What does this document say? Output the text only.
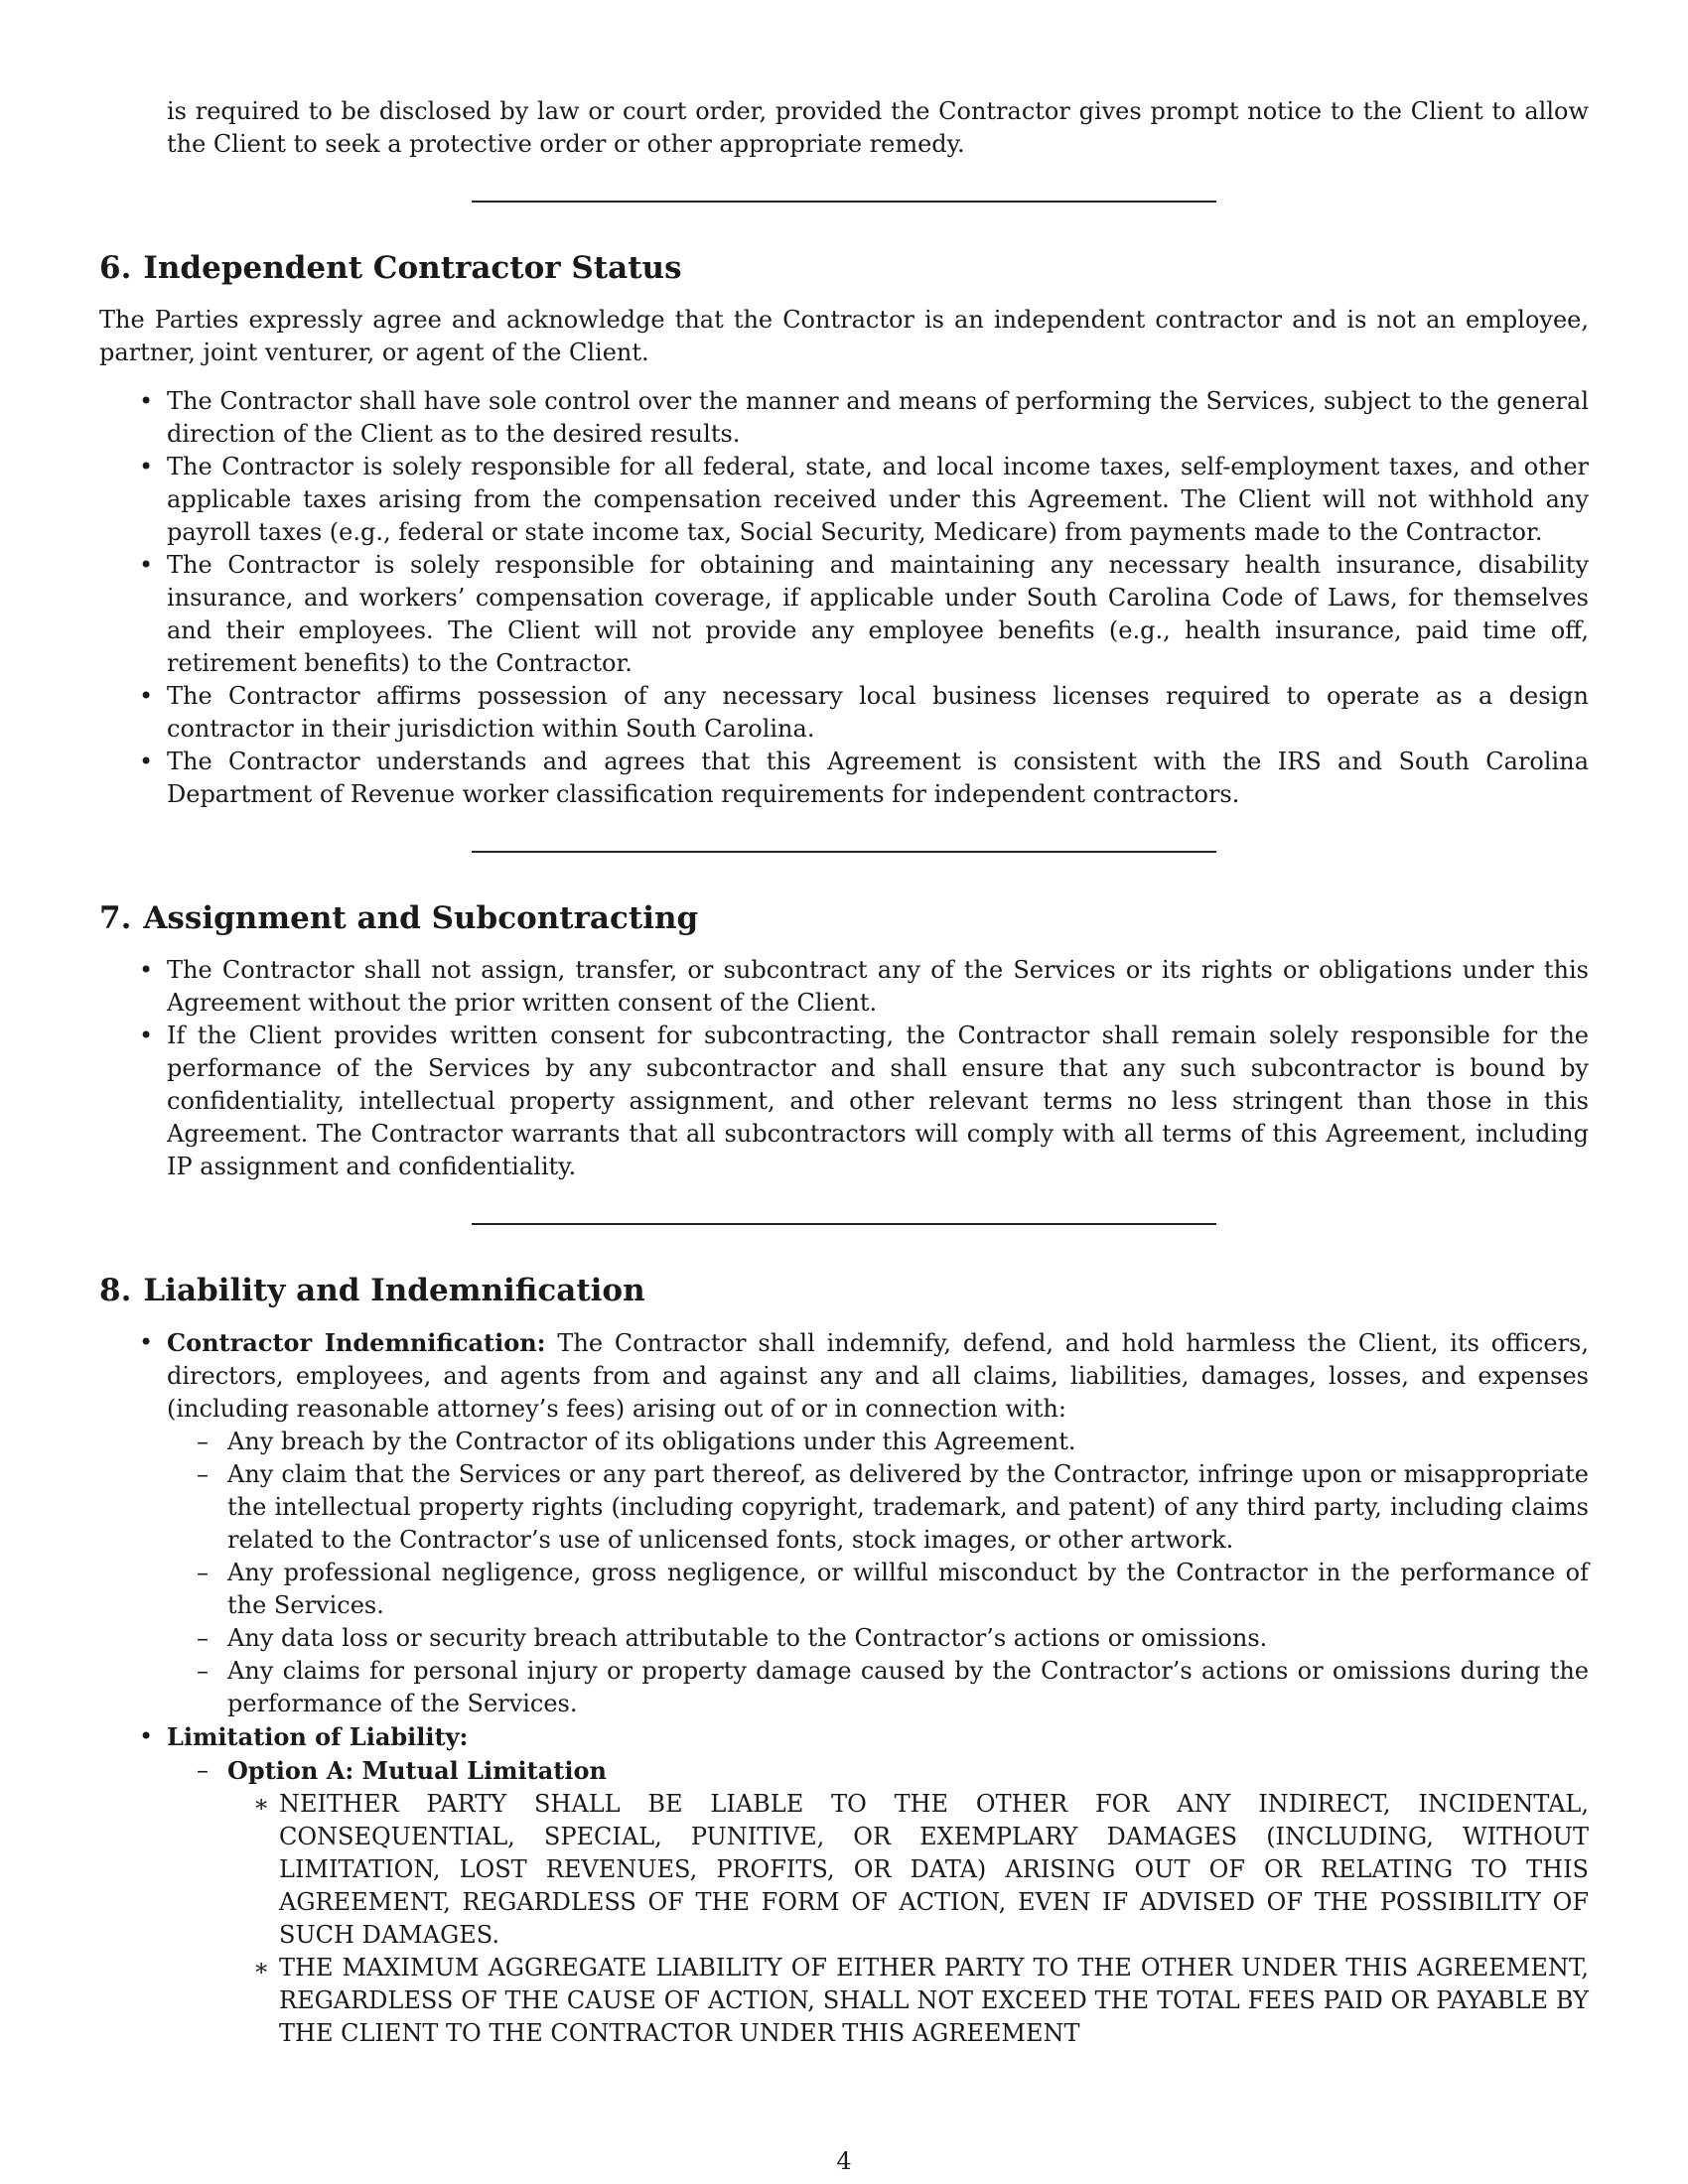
is required to be disclosed by law or court order, provided the Contractor gives prompt notice to the Client to allow the Client to seek a protective order or other appropriate remedy.

6. Independent Contractor Status

The Parties expressly agree and acknowledge that the Contractor is an independent contractor and is not an employee, partner, joint venturer, or agent of the Client.

• The Contractor shall have sole control over the manner and means of performing the Services, subject to the general direction of the Client as to the desired results.
• The Contractor is solely responsible for all federal, state, and local income taxes, self-employment taxes, and other applicable taxes arising from the compensation received under this Agreement. The Client will not withhold any payroll taxes (e.g., federal or state income tax, Social Security, Medicare) from payments made to the Contractor.
• The Contractor is solely responsible for obtaining and maintaining any necessary health insurance, disability insurance, and workers’ compensation coverage, if applicable under South Carolina Code of Laws, for themselves and their employees. The Client will not provide any employee benefits (e.g., health insurance, paid time off, retirement benefits) to the Contractor.
• The Contractor affirms possession of any necessary local business licenses required to operate as a design contractor in their jurisdiction within South Carolina.
• The Contractor understands and agrees that this Agreement is consistent with the IRS and South Carolina Department of Revenue worker classification requirements for independent contractors.
7. Assignment and Subcontracting
• The Contractor shall not assign, transfer, or subcontract any of the Services or its rights or obligations under this Agreement without the prior written consent of the Client.
• If the Client provides written consent for subcontracting, the Contractor shall remain solely responsible for the performance of the Services by any subcontractor and shall ensure that any such subcontractor is bound by confidentiality, intellectual property assignment, and other relevant terms no less stringent than those in this Agreement. The Contractor warrants that all subcontractors will comply with all terms of this Agreement, including IP assignment and confidentiality.
8. Liability and Indemnification
• Contractor Indemnification: The Contractor shall indemnify, defend, and hold harmless the Client, its officers, directors, employees, and agents from and against any and all claims, liabilities, damages, losses, and expenses (including reasonable attorney’s fees) arising out of or in connection with:
– Any breach by the Contractor of its obligations under this Agreement.
– Any claim that the Services or any part thereof, as delivered by the Contractor, infringe upon or misappropriate the intellectual property rights (including copyright, trademark, and patent) of any third party, including claims related to the Contractor’s use of unlicensed fonts, stock images, or other artwork.
– Any professional negligence, gross negligence, or willful misconduct by the Contractor in the performance of the Services.
– Any data loss or security breach attributable to the Contractor’s actions or omissions.
– Any claims for personal injury or property damage caused by the Contractor’s actions or omissions during the performance of the Services.
• Limitation of Liability:
– Option A: Mutual Limitation
∗ NEITHER PARTY SHALL BE LIABLE TO THE OTHER FOR ANY INDIRECT, INCIDENTAL, CONSEQUENTIAL, SPECIAL, PUNITIVE, OR EXEMPLARY DAMAGES (INCLUDING, WITHOUT LIMITATION, LOST REVENUES, PROFITS, OR DATA) ARISING OUT OF OR RELATING TO THIS AGREEMENT, REGARDLESS OF THE FORM OF ACTION, EVEN IF ADVISED OF THE POSSIBILITY OF SUCH DAMAGES.
∗ THE MAXIMUM AGGREGATE LIABILITY OF EITHER PARTY TO THE OTHER UNDER THIS AGREEMENT, REGARDLESS OF THE CAUSE OF ACTION, SHALL NOT EXCEED THE TOTAL FEES PAID OR PAYABLE BY THE CLIENT TO THE CONTRACTOR UNDER THIS AGREEMENT
4
